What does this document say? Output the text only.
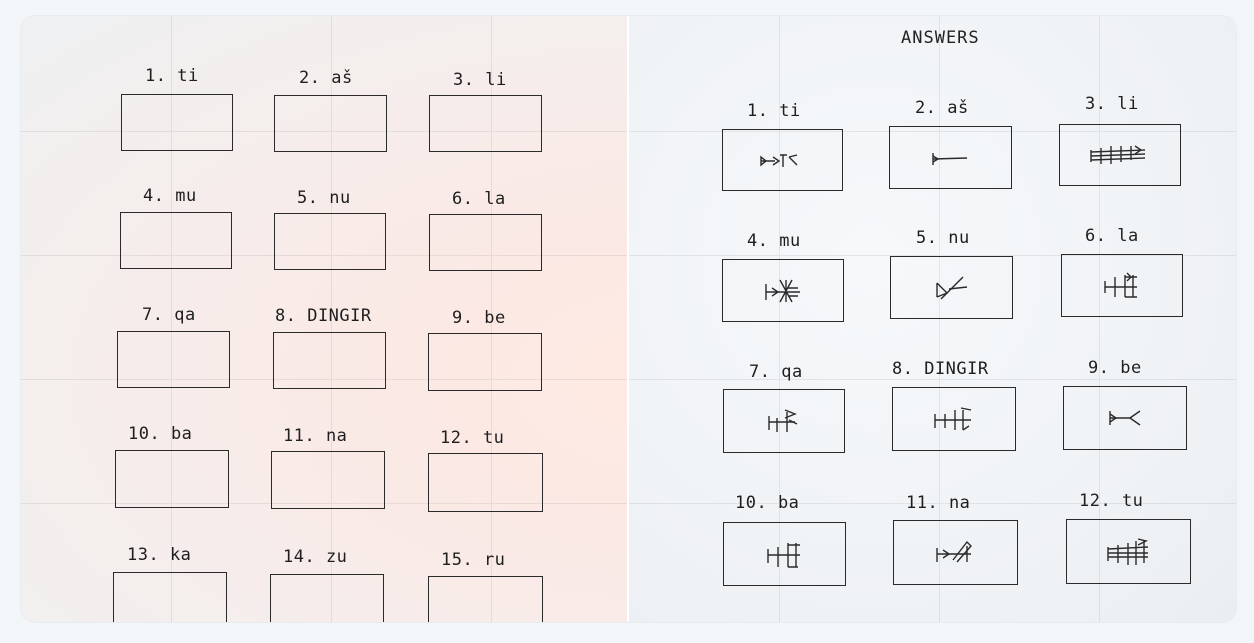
1. ti	2. aš	3. li
4. mu	5. nu	6. la
7. qa	8. DINGIR	9. be
10. ba	11. na	12. tu
13. ka	14. zu	15. ru
ANSWERS
1. ti	2. aš	3. li
4. mu	5. nu	6. la
7. qa	8. DINGIR	9. be
10. ba	11. na	12. tu
